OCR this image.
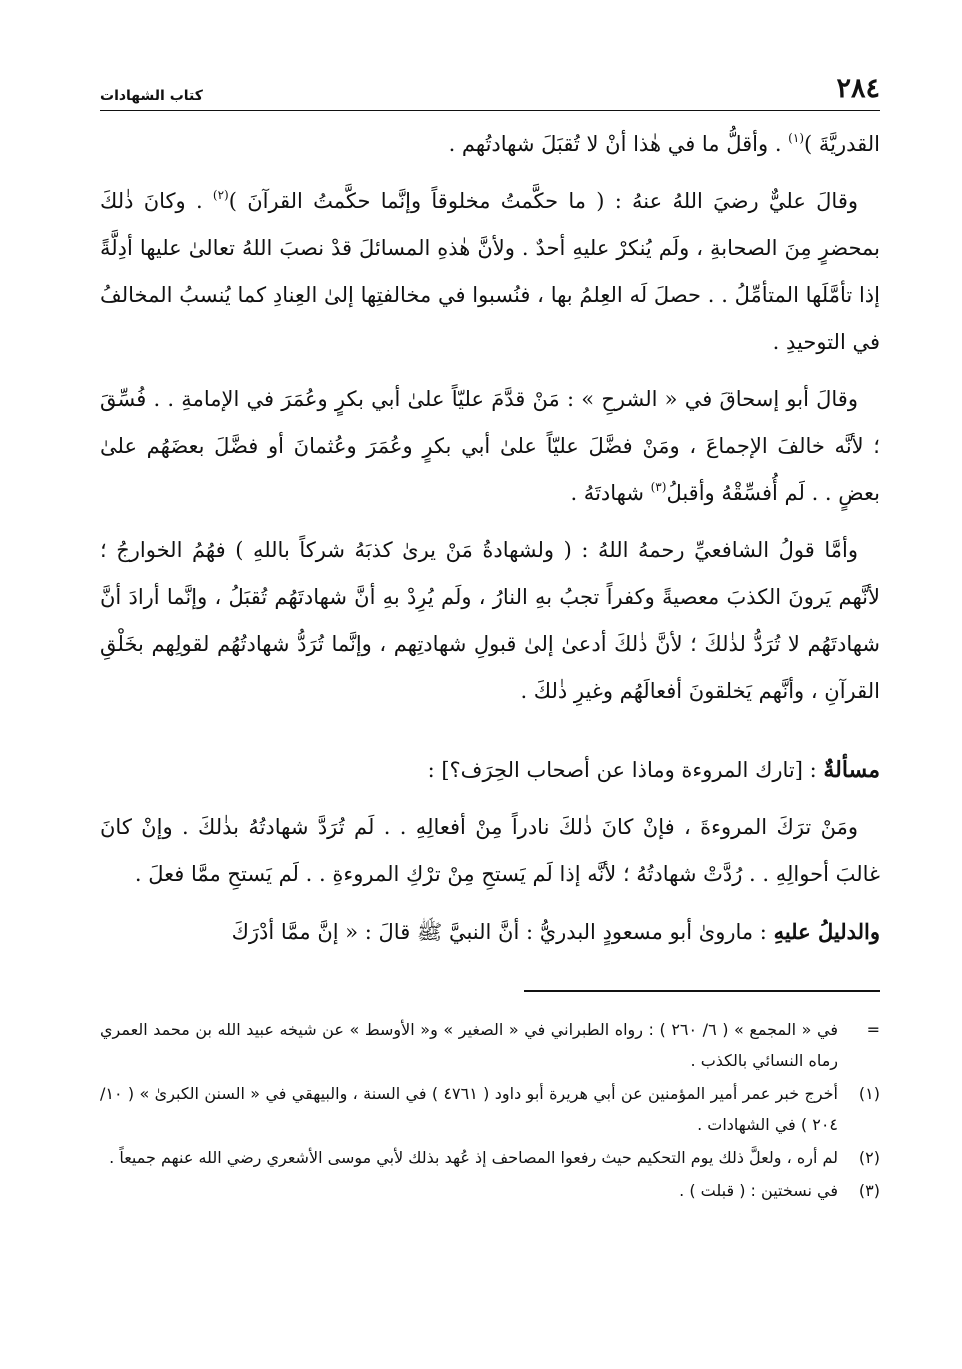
٢٨٤
كتاب الشهادات

القدريَّةَ )$^{(١)}$ . وأقلُّ ما في هٰذا أنْ لا تُقبَلَ شهادتُهم .

وقالَ عليٌّ رضيَ اللهُ عنهُ : ( ما حكَّمتُ مخلوقاً وإنَّما حكَّمتُ القرآنَ )$^{(٢)}$ . وكانَ ذٰلكَ بمحضرٍ مِنَ الصحابةِ ، ولَم يُنكرْ عليهِ أحدٌ . ولأنَّ هٰذهِ المسائلَ قدْ نصبَ اللهُ تعالىٰ عليها أدِلَّةً إذا تأمَّلَها المتأمِّلُ . . حصلَ لَه العِلمُ بها ، فنُسبوا في مخالفتِها إلىٰ العِنادِ كما يُنسبُ المخالفُ في التوحيدِ .

وقالَ أبو إسحاقَ في « الشرحِ » : مَنْ قدَّمَ عليّاً علىٰ أبي بكرٍ وعُمَرَ في الإمامةِ . . فُسِّقَ ؛ لأنَّه خالفَ الإجماعَ ، ومَنْ فضَّلَ عليّاً علىٰ أبي بكرٍ وعُمَرَ وعُثمانَ أو فضَّلَ بعضَهُم علىٰ بعضٍ . . لَم أُفسِّقْهُ وأقبلُ$^{(٣)}$ شهادتَهُ .

وأمَّا قولُ الشافعيِّ رحمهُ اللهُ : ( ولشهادةُ مَنْ يرىٰ كذبَهُ شركاً باللهِ ) فهُمُ الخوارجُ ؛ لأنَّهم يَرونَ الكذبَ معصيةً وكفراً تجبُ بهِ النارُ ، ولَم يُرِدْ بهِ أنَّ شهادتَهُم تُقبَلُ ، وإنَّما أرادَ أنَّ شهادتَهُم لا تُرَدُّ لذٰلكَ ؛ لأنَّ ذٰلكَ أدعىٰ إلىٰ قبولِ شهادتِهم ، وإنَّما تُرَدُّ شهادتُهُم لقولِهم بخَلْقِ القرآنِ ، وأنَّهم يَخلقونَ أفعالَهُم وغيرِ ذٰلكَ .

مسألةٌ : [تارك المروءة وماذا عن أصحاب الحِرَف؟] :

ومَنْ ترَكَ المروءةَ ، فإنْ كانَ ذٰلكَ نادراً مِنْ أفعالِهِ . . لَم تُرَدَّ شهادتُهُ بذٰلكَ . وإنْ كانَ غالبَ أحوالِهِ . . رُدَّتْ شهادتُهُ ؛ لأنَّه إذا لَم يَستحِ مِنْ ترْكِ المروءةِ . . لَم يَستحِ ممَّا فعلَ .

والدليلُ عليهِ : ماروىٰ أبو مسعودٍ البدريُّ : أنَّ النبيَّ ﷺ قالَ : « إنَّ ممَّا أدْرَكَ

=
في « المجمع » ( ٦/ ٢٦٠ ) : رواه الطبراني في « الصغير » و« الأوسط » عن شيخه عبيد الله بن محمد العمري رماه النسائي بالكذب .
(١)
أخرج خبر عمر أمير المؤمنين عن أبي هريرة أبو داود ( ٤٧٦١ ) في السنة ، والبيهقي في « السنن الكبرىٰ » ( ١٠/ ٢٠٤ ) في الشهادات .
(٢)
لم أره ، ولعلَّ ذلك يوم التحكيم حيث رفعوا المصاحف إذ عُهد بذلك لأبي موسى الأشعري رضي الله عنهم جميعاً .
(٣)
في نسختين : ( قبلت ) .
